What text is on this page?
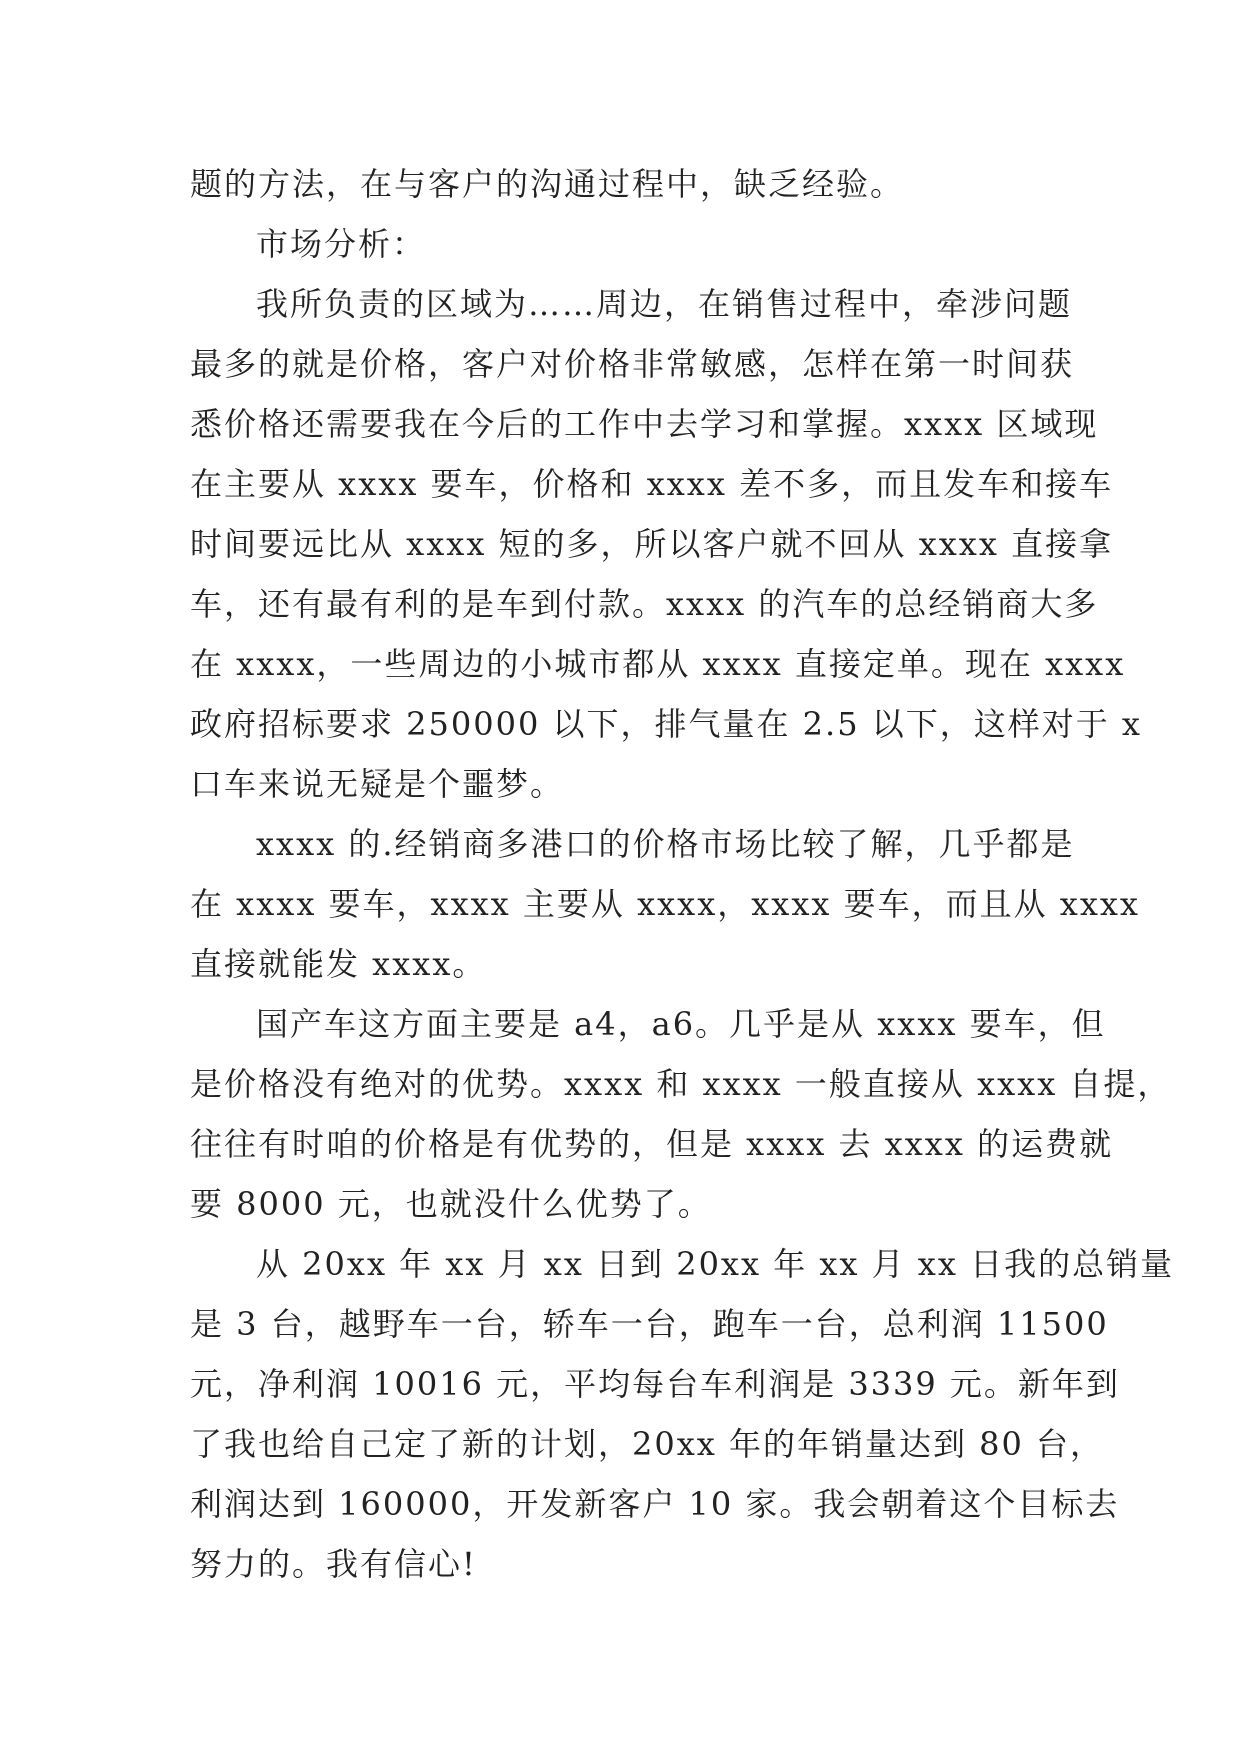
题的方法，在与客户的沟通过程中，缺乏经验。
市场分析：
我所负责的区域为……周边，在销售过程中，牵涉问题
最多的就是价格，客户对价格非常敏感，怎样在第一时间获
悉价格还需要我在今后的工作中去学习和掌握。xxxx 区域现
在主要从 xxxx 要车，价格和 xxxx 差不多，而且发车和接车
时间要远比从 xxxx 短的多，所以客户就不回从 xxxx 直接拿
车，还有最有利的是车到付款。xxxx 的汽车的总经销商大多
在 xxxx，一些周边的小城市都从 xxxx 直接定单。现在 xxxx
政府招标要求 250000 以下，排气量在 2.5 以下，这样对于 x
口车来说无疑是个噩梦。
xxxx 的.经销商多港口的价格市场比较了解，几乎都是
在 xxxx 要车，xxxx 主要从 xxxx，xxxx 要车，而且从 xxxx
直接就能发 xxxx。
国产车这方面主要是 a4，a6。几乎是从 xxxx 要车，但
是价格没有绝对的优势。xxxx 和 xxxx 一般直接从 xxxx 自提，
往往有时咱的价格是有优势的，但是 xxxx 去 xxxx 的运费就
要 8000 元，也就没什么优势了。
从 20xx 年 xx 月 xx 日到 20xx 年 xx 月 xx 日我的总销量
是 3 台，越野车一台，轿车一台，跑车一台，总利润 11500
元，净利润 10016 元，平均每台车利润是 3339 元。新年到
了我也给自己定了新的计划，20xx 年的年销量达到 80 台，
利润达到 160000，开发新客户 10 家。我会朝着这个目标去
努力的。我有信心!
